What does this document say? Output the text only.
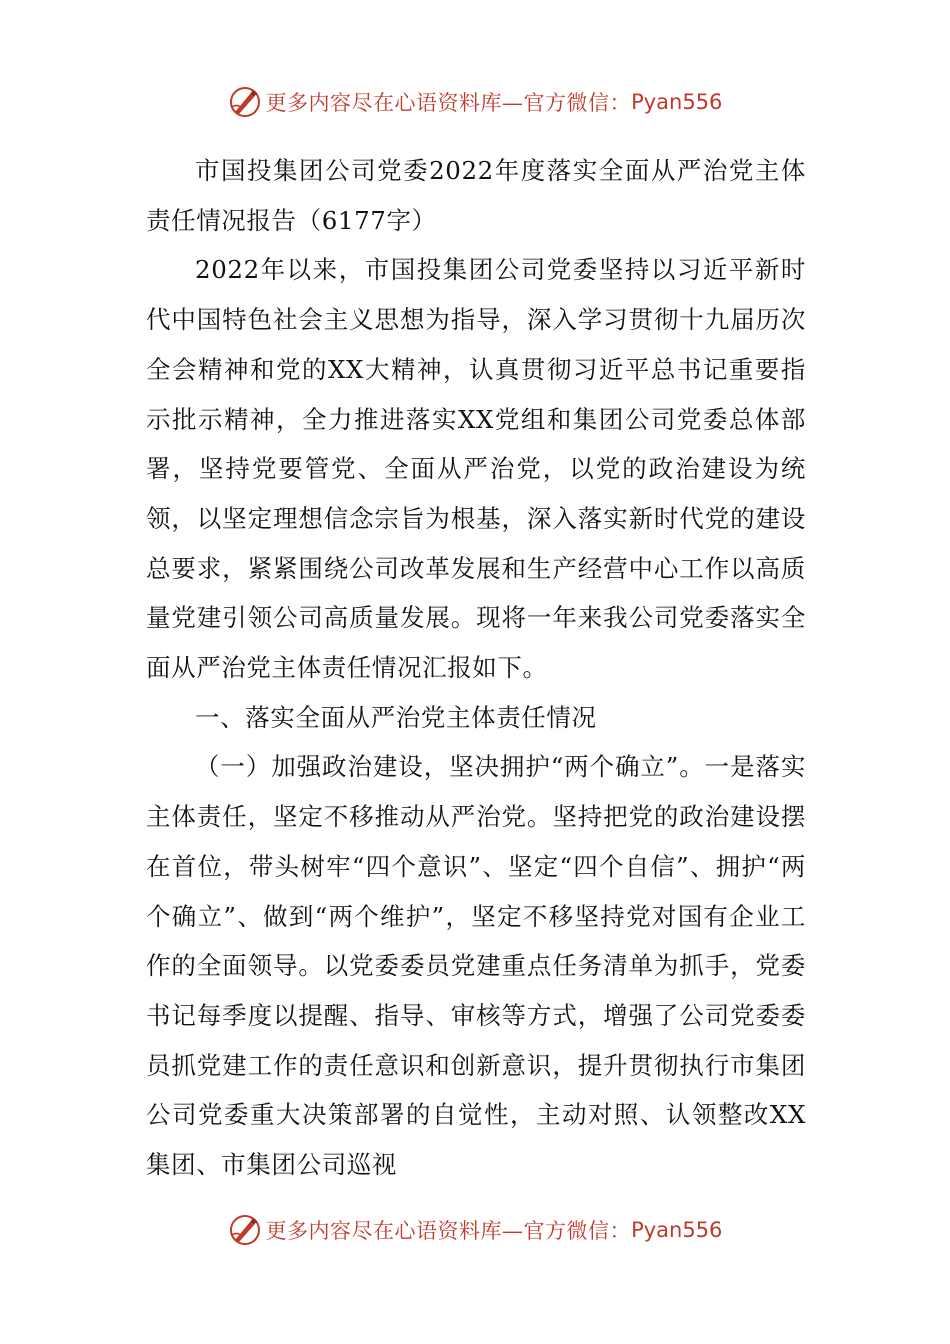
更多内容尽在心语资料库—官方微信： Pyan556

市国投集团公司党委2022年度落实全面从严治党主体责任情况报告（6177字）

2022年以来，市国投集团公司党委坚持以习近平新时代中国特色社会主义思想为指导，深入学习贯彻十九届历次全会精神和党的XX大精神，认真贯彻习近平总书记重要指示批示精神，全力推进落实XX党组和集团公司党委总体部署，坚持党要管党、全面从严治党，以党的政治建设为统领，以坚定理想信念宗旨为根基，深入落实新时代党的建设总要求，紧紧围绕公司改革发展和生产经营中心工作以高质量党建引领公司高质量发展。现将一年来我公司党委落实全面从严治党主体责任情况汇报如下。

一、落实全面从严治党主体责任情况

（一）加强政治建设，坚决拥护“两个确立”。一是落实主体责任，坚定不移推动从严治党。坚持把党的政治建设摆在首位，带头树牢“四个意识”、坚定“四个自信”、拥护“两个确立”、做到“两个维护”，坚定不移坚持党对国有企业工作的全面领导。以党委委员党建重点任务清单为抓手，党委书记每季度以提醒、指导、审核等方式，增强了公司党委委员抓党建工作的责任意识和创新意识，提升贯彻执行市集团公司党委重大决策部署的自觉性，主动对照、认领整改XX集团、市集团公司巡视

更多内容尽在心语资料库—官方微信： Pyan556
